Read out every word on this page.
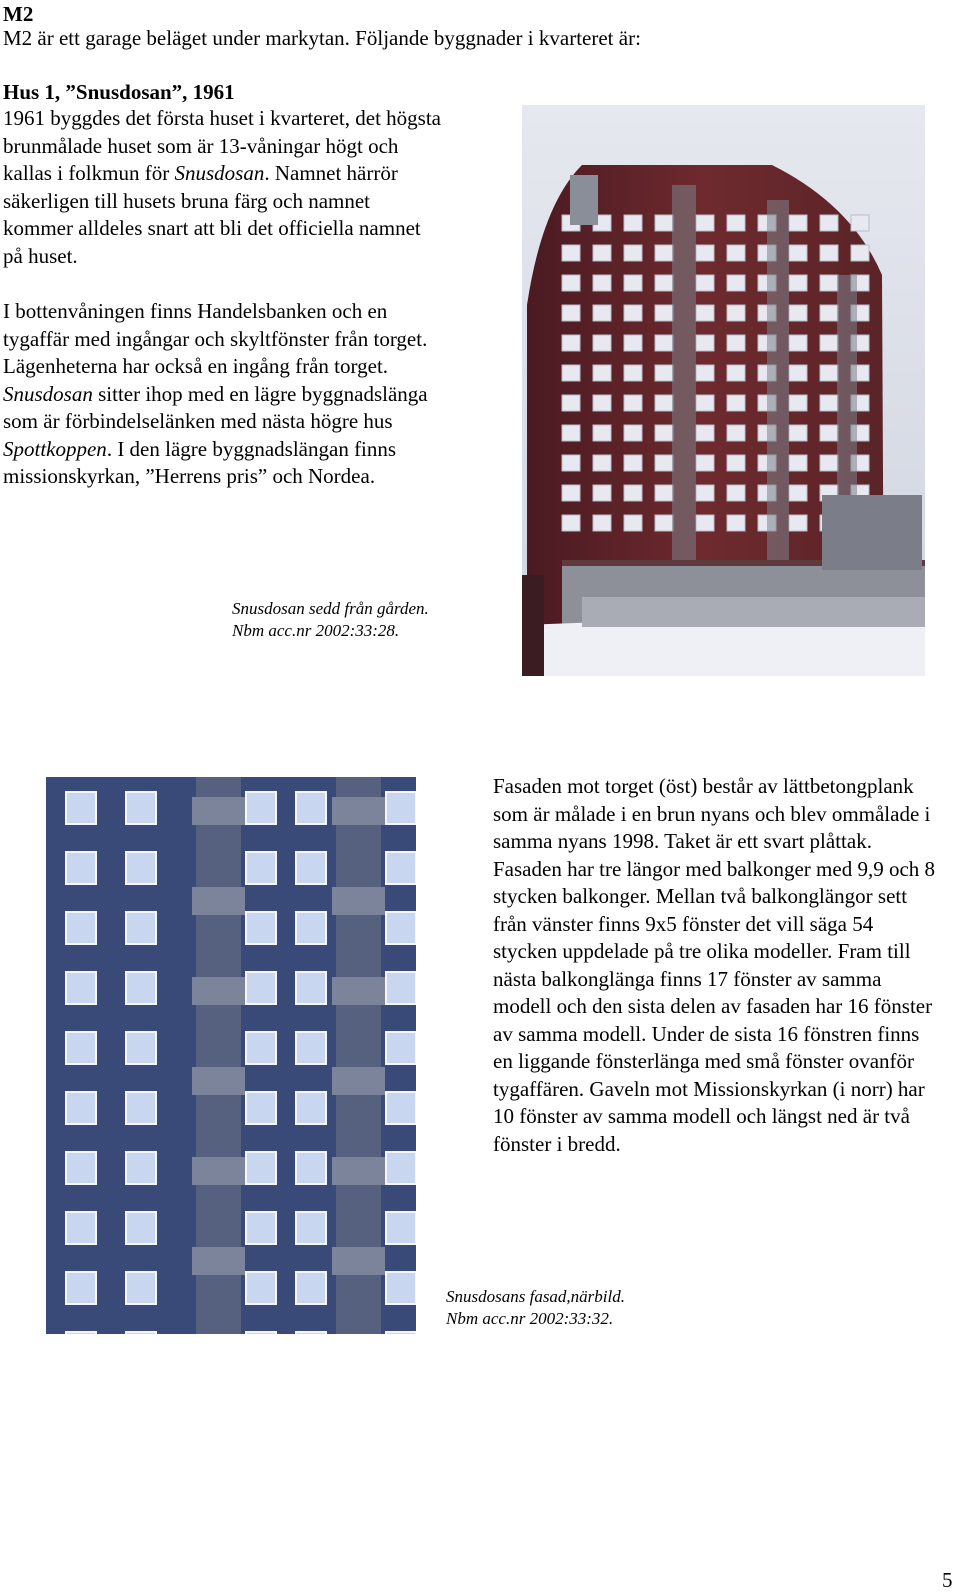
M2
M2 är ett garage beläget under markytan. Följande byggnader i kvarteret är:
Hus 1, ”Snusdosan”, 1961
1961 byggdes det första huset i kvarteret, det högsta brunmålade huset som är 13-våningar högt och kallas i folkmun för Snusdosan. Namnet härrör säkerligen till husets bruna färg och namnet kommer alldeles snart att bli det officiella namnet på huset.
I bottenvåningen finns Handelsbanken och en tygaffär med ingångar och skyltfönster från torget. Lägenheterna har också en ingång från torget. Snusdosan sitter ihop med en lägre byggnadslänga som är förbindelselänken med nästa högre hus Spottkoppen. I den lägre byggnadslängan finns missionskyrkan, ”Herrens pris” och Nordea.
Snusdosan sedd från gården.
Nbm acc.nr 2002:33:28.
Fasaden mot torget (öst) består av lättbetongplank som är målade i en brun nyans och blev ommålade i samma nyans 1998. Taket är ett svart plåttak. Fasaden har tre längor med balkonger med 9,9 och 8 stycken balkonger. Mellan två balkonglängor sett från vänster finns 9x5 fönster det vill säga 54 stycken uppdelade på tre olika modeller. Fram till nästa balkonglänga finns 17 fönster av samma modell och den sista delen av fasaden har 16 fönster av samma modell. Under de sista 16 fönstren finns en liggande fönsterlänga med små fönster ovanför tygaffären. Gaveln mot Missionskyrkan (i norr) har 10 fönster av samma modell och längst ned är två fönster i bredd.
Snusdosans fasad,närbild.
Nbm acc.nr 2002:33:32.
5
